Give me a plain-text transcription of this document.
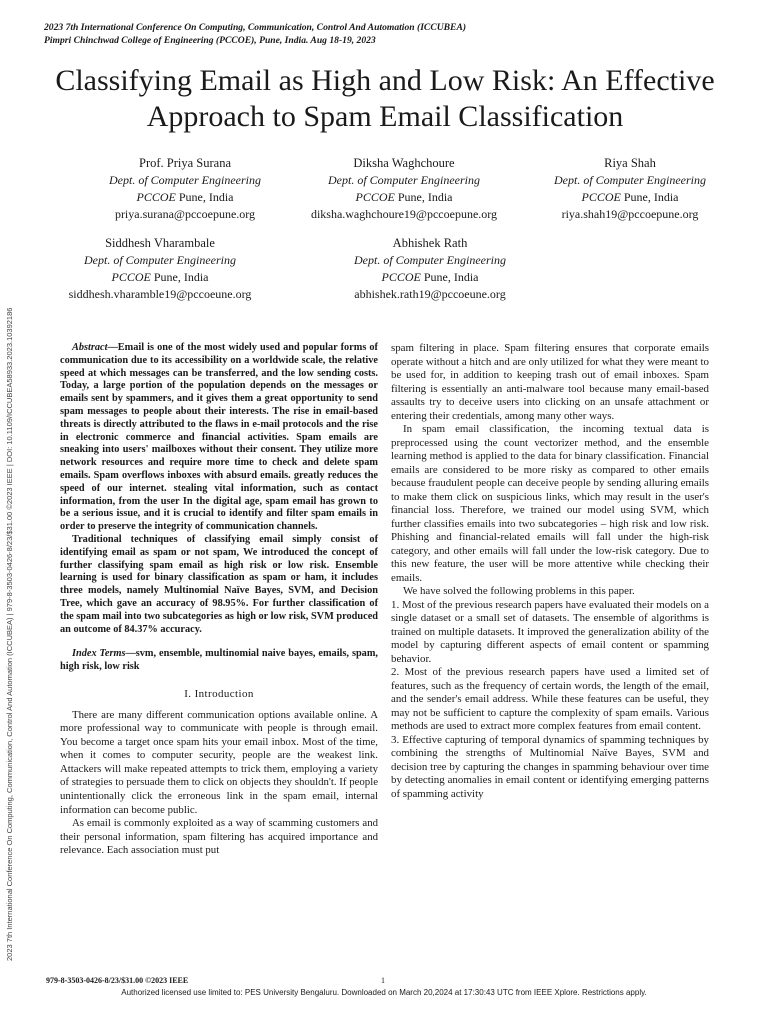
2023 7th International Conference On Computing, Communication, Control And Automation (ICCUBEA) | 979-8-3503-0426-8/23/$31.00 ©2023 IEEE | DOI: 10.1109/ICCUBEA58933.2023.10392186
2023 7th International Conference On Computing, Communication, Control And Automation (ICCUBEA)
Pimpri Chinchwad College of Engineering (PCCOE), Pune, India. Aug 18-19, 2023
Classifying Email as High and Low Risk: An Effective Approach to Spam Email Classification
Prof. Priya Surana
Dept. of Computer Engineering
PCCOE Pune, India
priya.surana@pccoepune.org
Diksha Waghchoure
Dept. of Computer Engineering
PCCOE Pune, India
diksha.waghchoure19@pccoepune.org
Riya Shah
Dept. of Computer Engineering
PCCOE Pune, India
riya.shah19@pccoepune.org
Siddhesh Vharambale
Dept. of Computer Engineering
PCCOE Pune, India
siddhesh.vharamble19@pccoeune.org
Abhishek Rath
Dept. of Computer Engineering
PCCOE Pune, India
abhishek.rath19@pccoeune.org

Abstract—Email is one of the most widely used and popular forms of communication due to its accessibility on a worldwide scale, the relative speed at which messages can be transferred, and the low sending costs. Today, a large portion of the population depends on the messages or emails sent by spammers, and it gives them a great opportunity to send spam messages to people about their interests. The rise in email-based threats is directly attributed to the flaws in e-mail protocols and the rise in electronic commerce and financial activities. Spam emails are sneaking into users' mailboxes without their consent. They utilize more network resources and require more time to check and delete spam emails. Spam overflows inboxes with absurd emails. greatly reduces the speed of our internet. stealing vital information, such as contact information, from the user In the digital age, spam email has grown to be a serious issue, and it is crucial to identify and filter spam emails in order to preserve the integrity of communication channels.

Traditional techniques of classifying email simply consist of identifying email as spam or not spam, We introduced the concept of further classifying spam email as high risk or low risk. Ensemble learning is used for binary classification as spam or ham, it includes three models, namely Multinomial Naïve Bayes, SVM, and Decision Tree, which gave an accuracy of 98.95%. For further classification of the spam mail into two subcategories as high or low risk, SVM produced an outcome of 84.37% accuracy.

Index Terms—svm, ensemble, multinomial naive bayes, emails, spam, high risk, low risk

I. Introduction

There are many different communication options available online. A more professional way to communicate with people is through email. You become a target once spam hits your email inbox. Most of the time, when it comes to computer security, people are the weakest link. Attackers will make repeated attempts to trick them, employing a variety of strategies to persuade them to click on objects they shouldn't. If people unintentionally click the erroneous link in the spam email, internal information can become public.

As email is commonly exploited as a way of scamming customers and their personal information, spam filtering has acquired importance and relevance. Each association must put

spam filtering in place. Spam filtering ensures that corporate emails operate without a hitch and are only utilized for what they were meant to be used for, in addition to keeping trash out of email inboxes. Spam filtering is essentially an anti-malware tool because many email-based assaults try to deceive users into clicking on an unsafe attachment or entering their credentials, among many other ways.

In spam email classification, the incoming textual data is preprocessed using the count vectorizer method, and the ensemble learning method is applied to the data for binary classification. Financial emails are considered to be more risky as compared to other emails because fraudulent people can deceive people by sending alluring emails to make them click on suspicious links, which may result in the user's financial loss. Therefore, we trained our model using SVM, which further classifies emails into two subcategories – high risk and low risk. Phishing and financial-related emails will fall under the high-risk category, and other emails will fall under the low-risk category. Due to this new feature, the user will be more attentive while checking their emails.

We have solved the following problems in this paper.

1. Most of the previous research papers have evaluated their models on a single dataset or a small set of datasets. The ensemble of algorithms is trained on multiple datasets. It improved the generalization ability of the model by capturing different aspects of email content or spamming behavior.

2. Most of the previous research papers have used a limited set of features, such as the frequency of certain words, the length of the email, and the sender's email address. While these features can be useful, they may not be sufficient to capture the complexity of spam emails. Various methods are used to extract more complex features from email content.

3. Effective capturing of temporal dynamics of spamming techniques by combining the strengths of Multinomial Naïve Bayes, SVM and decision tree by capturing the changes in spamming behaviour over time by detecting anomalies in email content or identifying emerging patterns of spamming activity

979-8-3503-0426-8/23/$31.00 ©2023 IEEE	1
Authorized licensed use limited to: PES University Bengaluru. Downloaded on March 20,2024 at 17:30:43 UTC from IEEE Xplore. Restrictions apply.
